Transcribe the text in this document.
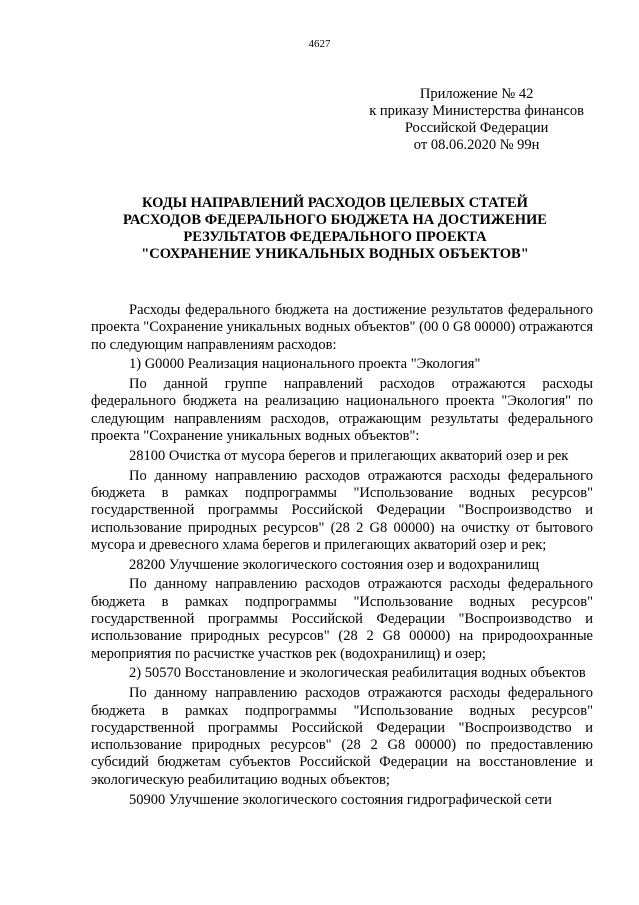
4627
Приложение № 42
к приказу Министерства финансов
Российской Федерации
от 08.06.2020 № 99н
КОДЫ НАПРАВЛЕНИЙ РАСХОДОВ ЦЕЛЕВЫХ СТАТЕЙ
РАСХОДОВ ФЕДЕРАЛЬНОГО БЮДЖЕТА НА ДОСТИЖЕНИЕ
РЕЗУЛЬТАТОВ ФЕДЕРАЛЬНОГО ПРОЕКТА
"СОХРАНЕНИЕ УНИКАЛЬНЫХ ВОДНЫХ ОБЪЕКТОВ"

Расходы федерального бюджета на достижение результатов федерального проекта "Сохранение уникальных водных объектов" (00 0 G8 00000) отражаются по следующим направлениям расходов:

1) G0000 Реализация национального проекта "Экология"

По данной группе направлений расходов отражаются расходы федерального бюджета на реализацию национального проекта "Экология" по следующим направлениям расходов, отражающим результаты федерального проекта "Сохранение уникальных водных объектов":

28100 Очистка от мусора берегов и прилегающих акваторий озер и рек

По данному направлению расходов отражаются расходы федерального бюджета в рамках подпрограммы "Использование водных ресурсов" государственной программы Российской Федерации "Воспроизводство и использование природных ресурсов" (28 2 G8 00000) на очистку от бытового мусора и древесного хлама берегов и прилегающих акваторий озер и рек;

28200 Улучшение экологического состояния озер и водохранилищ

По данному направлению расходов отражаются расходы федерального бюджета в рамках подпрограммы "Использование водных ресурсов" государственной программы Российской Федерации "Воспроизводство и использование природных ресурсов" (28 2 G8 00000) на природоохранные мероприятия по расчистке участков рек (водохранилищ) и озер;

2) 50570 Восстановление и экологическая реабилитация водных объектов

По данному направлению расходов отражаются расходы федерального бюджета в рамках подпрограммы "Использование водных ресурсов" государственной программы Российской Федерации "Воспроизводство и использование природных ресурсов" (28 2 G8 00000) по предоставлению субсидий бюджетам субъектов Российской Федерации на восстановление и экологическую реабилитацию водных объектов;

50900 Улучшение экологического состояния гидрографической сети
